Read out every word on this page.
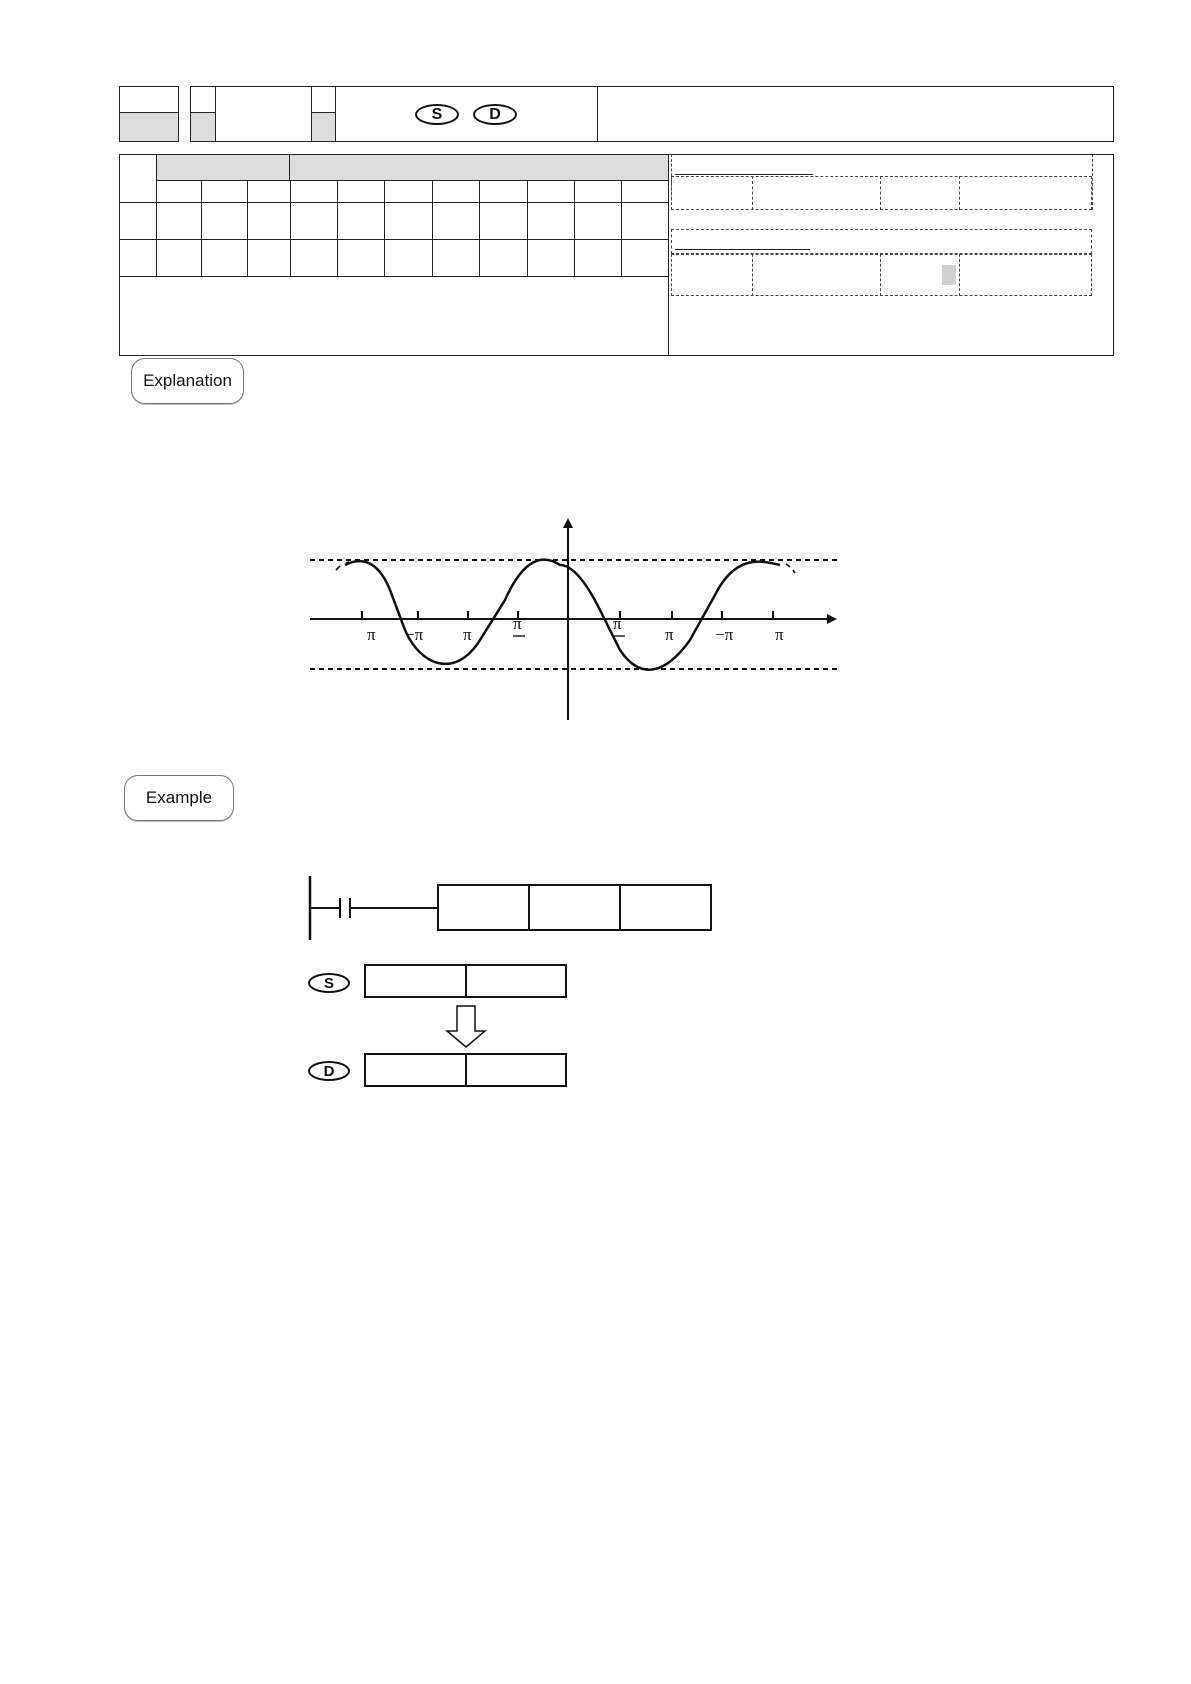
S	D
Explanation
π −π π
π	π
π −π π
Example
S
D
